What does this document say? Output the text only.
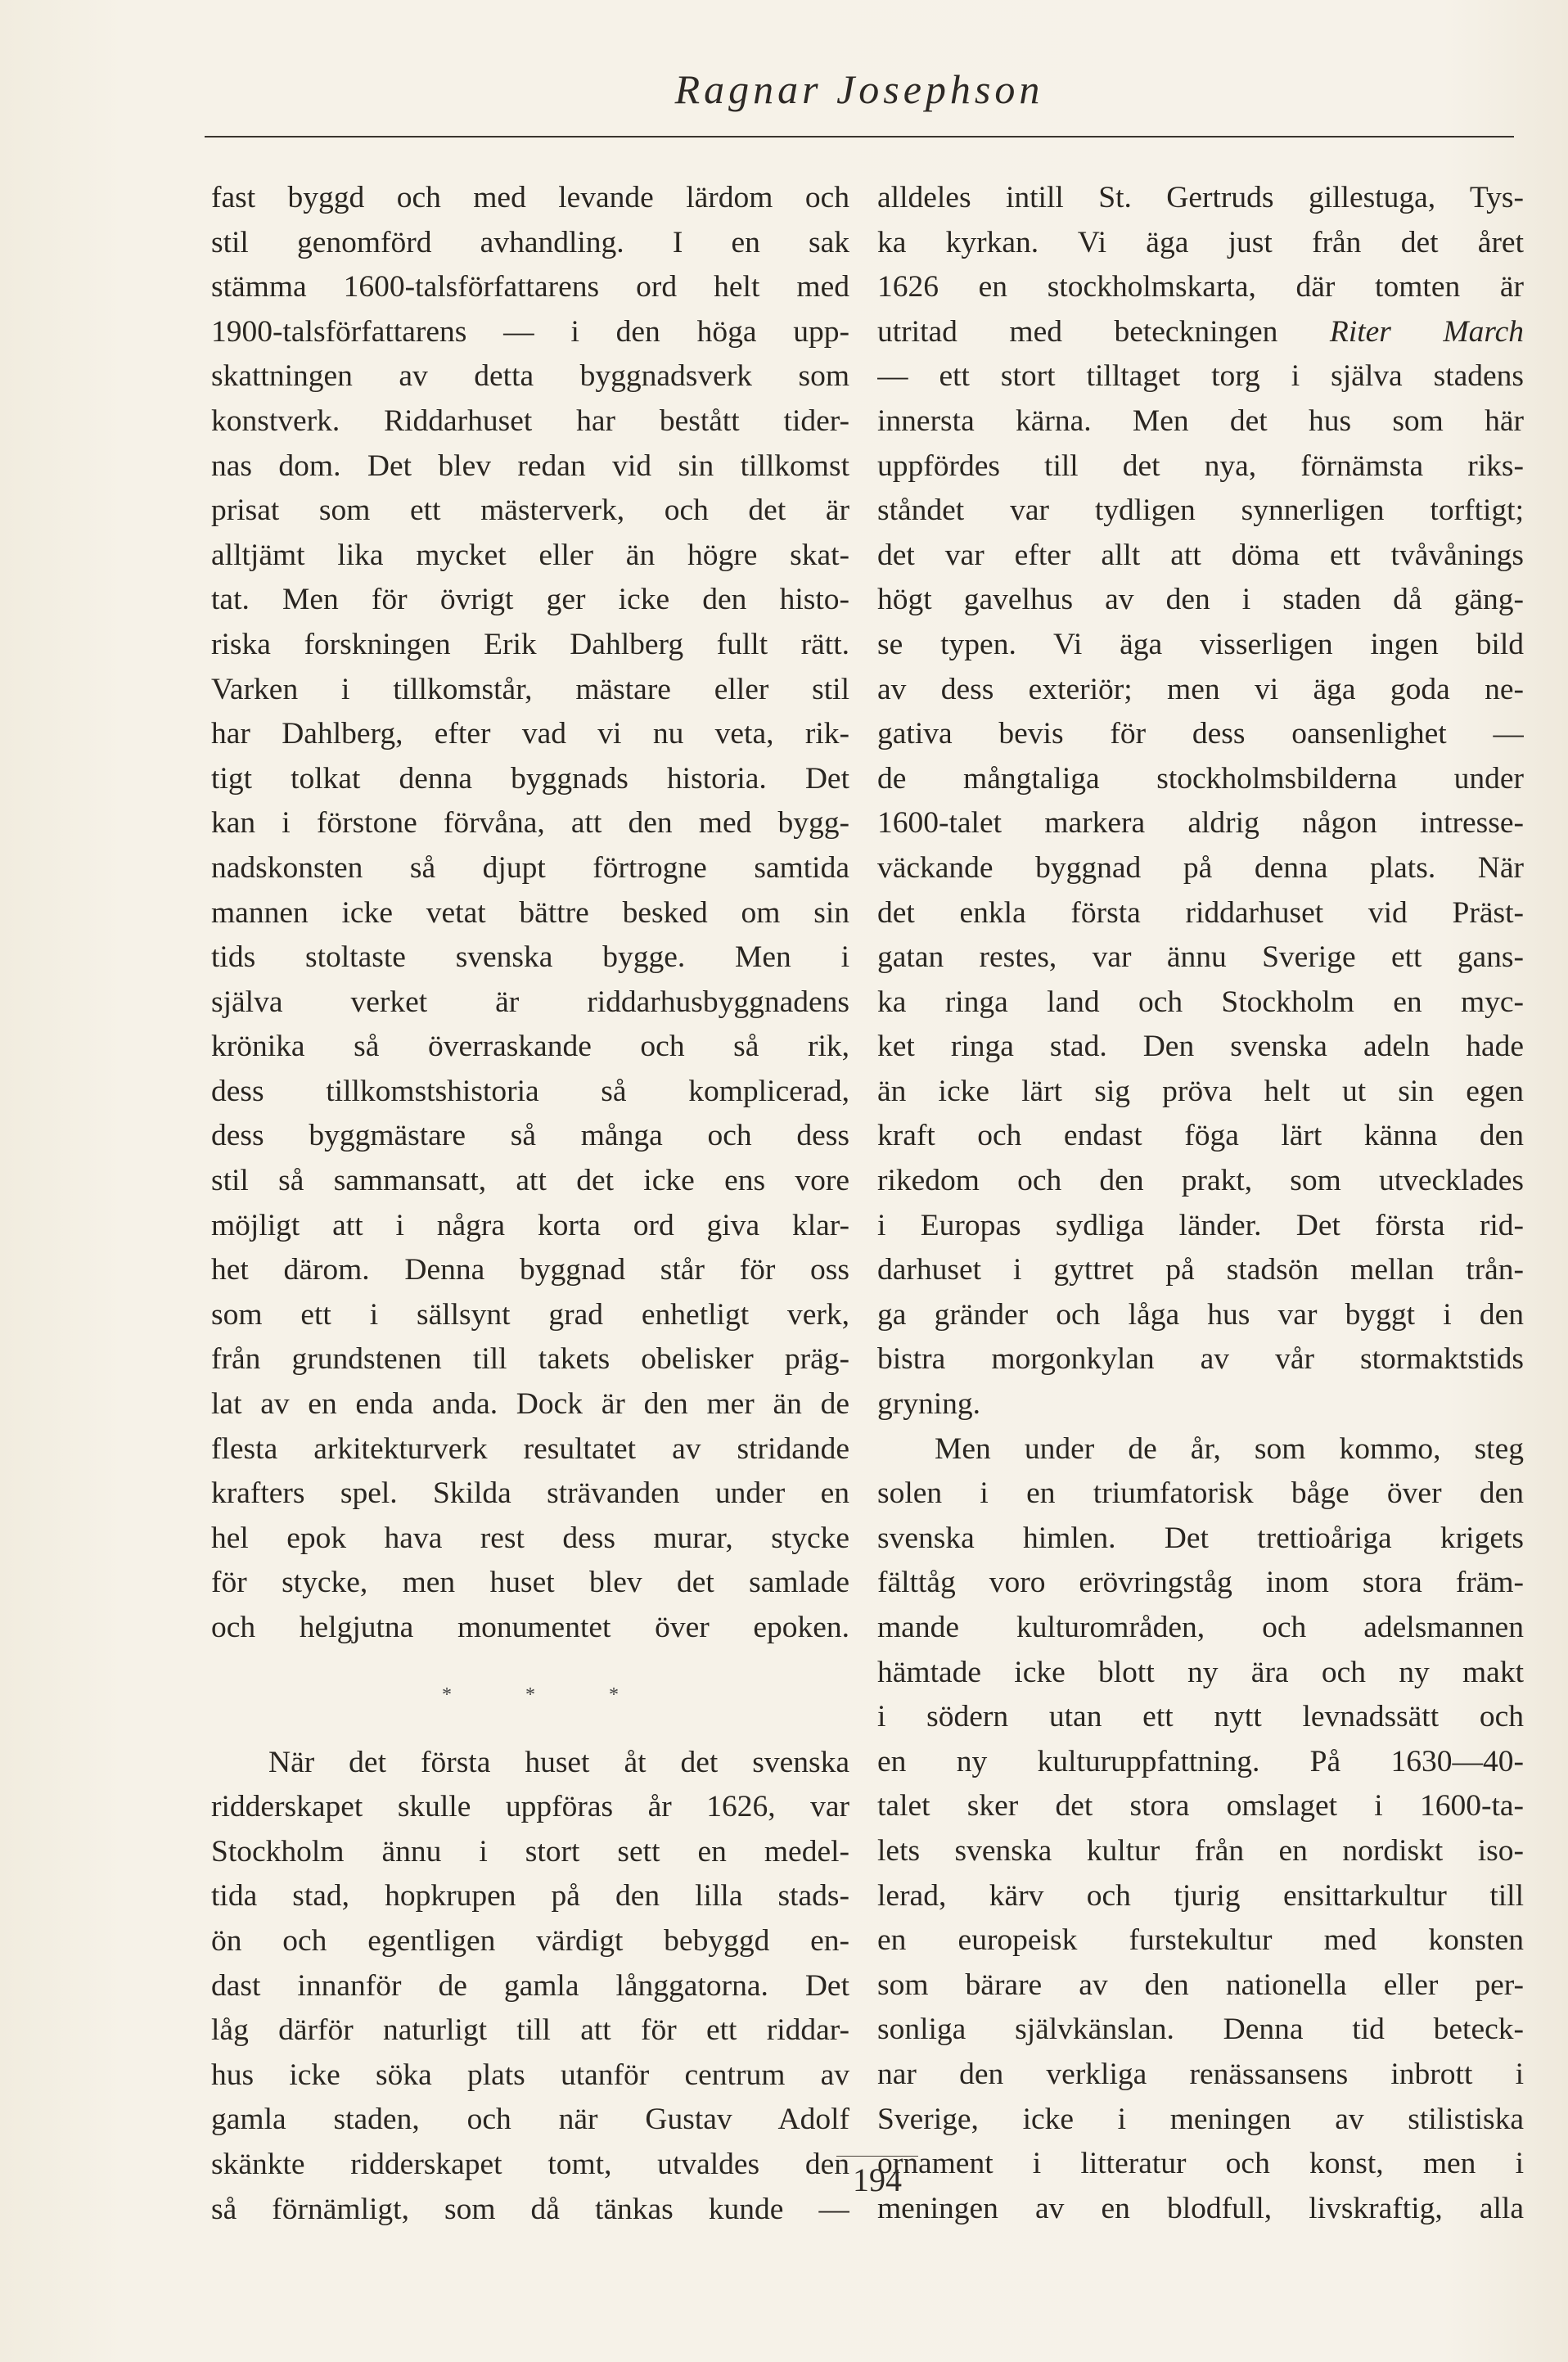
Ragnar Josephson
fast byggd och med levande lärdom och
stil genomförd avhandling. I en sak
stämma 1600-talsförfattarens ord helt med
1900-talsförfattarens — i den höga upp-
skattningen av detta byggnadsverk som
konstverk. Riddarhuset har bestått tider-
nas dom. Det blev redan vid sin tillkomst
prisat som ett mästerverk, och det är
alltjämt lika mycket eller än högre skat-
tat. Men för övrigt ger icke den histo-
riska forskningen Erik Dahlberg fullt rätt.
Varken i tillkomstår, mästare eller stil
har Dahlberg, efter vad vi nu veta, rik-
tigt tolkat denna byggnads historia. Det
kan i förstone förvåna, att den med bygg-
nadskonsten så djupt förtrogne samtida
mannen icke vetat bättre besked om sin
tids stoltaste svenska bygge. Men i
själva verket är riddarhusbyggnadens
krönika så överraskande och så rik,
dess tillkomstshistoria så komplicerad,
dess byggmästare så många och dess
stil så sammansatt, att det icke ens vore
möjligt att i några korta ord giva klar-
het därom. Denna byggnad står för oss
som ett i sällsynt grad enhetligt verk,
från grundstenen till takets obelisker präg-
lat av en enda anda. Dock är den mer än de
flesta arkitekturverk resultatet av stridande
krafters spel. Skilda strävanden under en
hel epok hava rest dess murar, stycke
för stycke, men huset blev det samlade
och helgjutna monumentet över epoken.
*	*	*
När det första huset åt det svenska
ridderskapet skulle uppföras år 1626, var
Stockholm ännu i stort sett en medel-
tida stad, hopkrupen på den lilla stads-
ön och egentligen värdigt bebyggd en-
dast innanför de gamla långgatorna. Det
låg därför naturligt till att för ett riddar-
hus icke söka plats utanför centrum av
gamla staden, och när Gustav Adolf
skänkte ridderskapet tomt, utvaldes den
så förnämligt, som då tänkas kunde —
alldeles intill St. Gertruds gillestuga, Tys-
ka kyrkan. Vi äga just från det året
1626 en stockholmskarta, där tomten är
utritad med beteckningen Riter March
— ett stort tilltaget torg i själva stadens
innersta kärna. Men det hus som här
uppfördes till det nya, förnämsta riks-
ståndet var tydligen synnerligen torftigt;
det var efter allt att döma ett tvåvånings
högt gavelhus av den i staden då gäng-
se typen. Vi äga visserligen ingen bild
av dess exteriör; men vi äga goda ne-
gativa bevis för dess oansenlighet —
de mångtaliga stockholmsbilderna under
1600-talet markera aldrig någon intresse-
väckande byggnad på denna plats. När
det enkla första riddarhuset vid Präst-
gatan restes, var ännu Sverige ett gans-
ka ringa land och Stockholm en myc-
ket ringa stad. Den svenska adeln hade
än icke lärt sig pröva helt ut sin egen
kraft och endast föga lärt känna den
rikedom och den prakt, som utvecklades
i Europas sydliga länder. Det första rid-
darhuset i gyttret på stadsön mellan trån-
ga gränder och låga hus var byggt i den
bistra morgonkylan av vår stormaktstids
gryning.
Men under de år, som kommo, steg
solen i en triumfatorisk båge över den
svenska himlen. Det trettioåriga krigets
fälttåg voro erövringståg inom stora främ-
mande kulturområden, och adelsmannen
hämtade icke blott ny ära och ny makt
i södern utan ett nytt levnadssätt och
en ny kulturuppfattning. På 1630—40-
talet sker det stora omslaget i 1600-ta-
lets svenska kultur från en nordiskt iso-
lerad, kärv och tjurig ensittarkultur till
en europeisk furstekultur med konsten
som bärare av den nationella eller per-
sonliga självkänslan. Denna tid beteck-
nar den verkliga renässansens inbrott i
Sverige, icke i meningen av stilistiska
ornament i litteratur och konst, men i
meningen av en blodfull, livskraftig, alla
194
